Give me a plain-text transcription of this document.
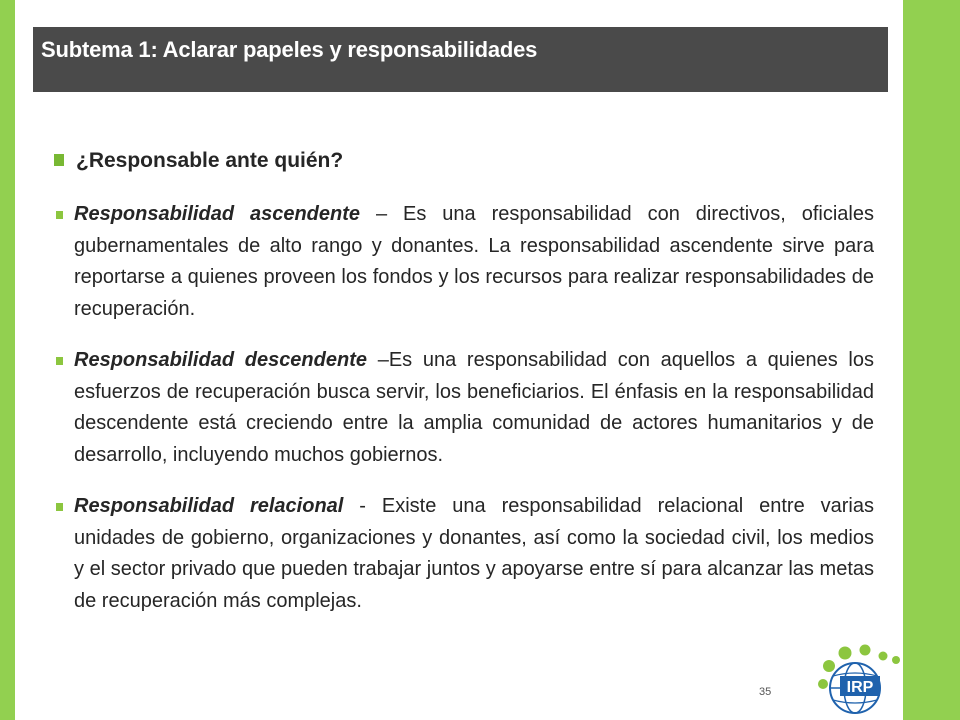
Subtema 1: Aclarar papeles y responsabilidades
¿Responsable ante quién?

Responsabilidad ascendente – Es una responsabilidad con directivos, oficiales gubernamentales de alto rango y donantes. La responsabilidad ascendente sirve para reportarse a quienes proveen los fondos y los recursos para realizar responsabilidades de recuperación.

Responsabilidad descendente –Es una responsabilidad con aquellos a quienes los esfuerzos de recuperación busca servir, los beneficiarios. El énfasis en la responsabilidad descendente está creciendo entre la amplia comunidad de actores humanitarios y de desarrollo, incluyendo muchos gobiernos.

Responsabilidad relacional - Existe una responsabilidad relacional entre varias unidades de gobierno, organizaciones y donantes, así como la sociedad civil, los medios y el sector privado que pueden trabajar juntos y apoyarse entre sí para alcanzar las metas de recuperación más complejas.

35	IRP
